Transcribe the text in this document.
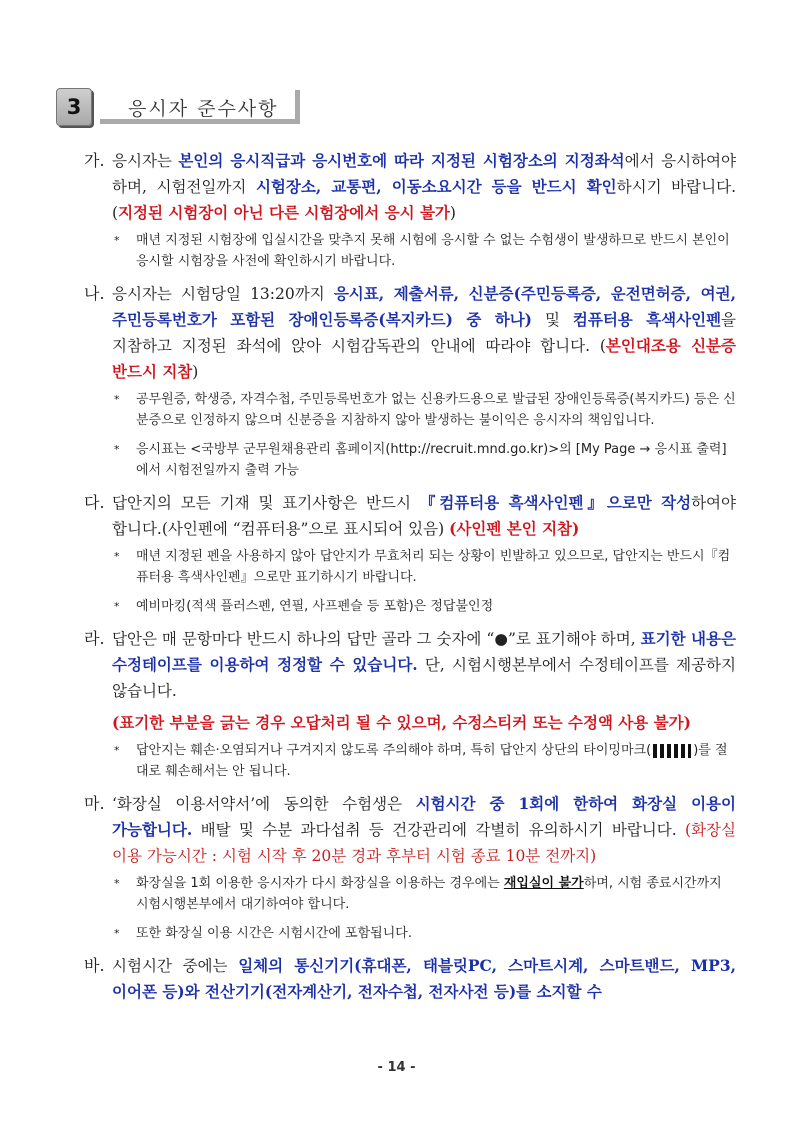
3	응시자 준수사항
가. 응시자는 본인의 응시직급과 응시번호에 따라 지정된 시험장소의 지정좌석에서 응시하여야 하며, 시험전일까지 시험장소, 교통편, 이동소요시간 등을 반드시 확인하시기 바랍니다. (지정된 시험장이 아닌 다른 시험장에서 응시 불가)
* 매년 지정된 시험장에 입실시간을 맞추지 못해 시험에 응시할 수 없는 수험생이 발생하므로 반드시 본인이 응시할 시험장을 사전에 확인하시기 바랍니다.
나. 응시자는 시험당일 13:20까지 응시표, 제출서류, 신분증(주민등록증, 운전면허증, 여권, 주민등록번호가 포함된 장애인등록증(복지카드) 중 하나) 및 컴퓨터용 흑색사인펜을 지참하고 지정된 좌석에 앉아 시험감독관의 안내에 따라야 합니다. (본인대조용 신분증 반드시 지참)
* 공무원증, 학생증, 자격수첩, 주민등록번호가 없는 신용카드용으로 발급된 장애인등록증(복지카드) 등은 신분증으로 인정하지 않으며 신분증을 지참하지 않아 발생하는 불이익은 응시자의 책임입니다.
* 응시표는 <국방부 군무원채용관리 홈페이지(http://recruit.mnd.go.kr)>의 [My Page → 응시표 출력]에서 시험전일까지 출력 가능
다. 답안지의 모든 기재 및 표기사항은 반드시 『컴퓨터용 흑색사인펜』으로만 작성하여야 합니다.(사인펜에 “컴퓨터용”으로 표시되어 있음) (사인펜 본인 지참)
* 매년 지정된 펜을 사용하지 않아 답안지가 무효처리 되는 상황이 빈발하고 있으므로, 답안지는 반드시『컴퓨터용 흑색사인펜』으로만 표기하시기 바랍니다.
* 예비마킹(적색 플러스펜, 연필, 사프펜슬 등 포함)은 정답불인정
라. 답안은 매 문항마다 반드시 하나의 답만 골라 그 숫자에 “●”로 표기해야 하며, 표기한 내용은 수정테이프를 이용하여 정정할 수 있습니다. 단, 시험시행본부에서 수정테이프를 제공하지 않습니다.
(표기한 부분을 긁는 경우 오답처리 될 수 있으며, 수정스티커 또는 수정액 사용 불가)
* 답안지는 훼손·오염되거나 구겨지지 않도록 주의해야 하며, 특히 답안지 상단의 타이밍마크(	)를 절대로 훼손해서는 안 됩니다.
마. ‘화장실 이용서약서’에 동의한 수험생은 시험시간 중 1회에 한하여 화장실 이용이 가능합니다. 배탈 및 수분 과다섭취 등 건강관리에 각별히 유의하시기 바랍니다. (화장실 이용 가능시간 : 시험 시작 후 20분 경과 후부터 시험 종료 10분 전까지)
* 화장실을 1회 이용한 응시자가 다시 화장실을 이용하는 경우에는 재입실이 불가하며, 시험 종료시간까지 시험시행본부에서 대기하여야 합니다.
* 또한 화장실 이용 시간은 시험시간에 포함됩니다.
바. 시험시간 중에는 일체의 통신기기(휴대폰, 태블릿PC, 스마트시계, 스마트밴드, MP3, 이어폰 등)와 전산기기(전자계산기, 전자수첩, 전자사전 등)를 소지할 수
- 14 -
